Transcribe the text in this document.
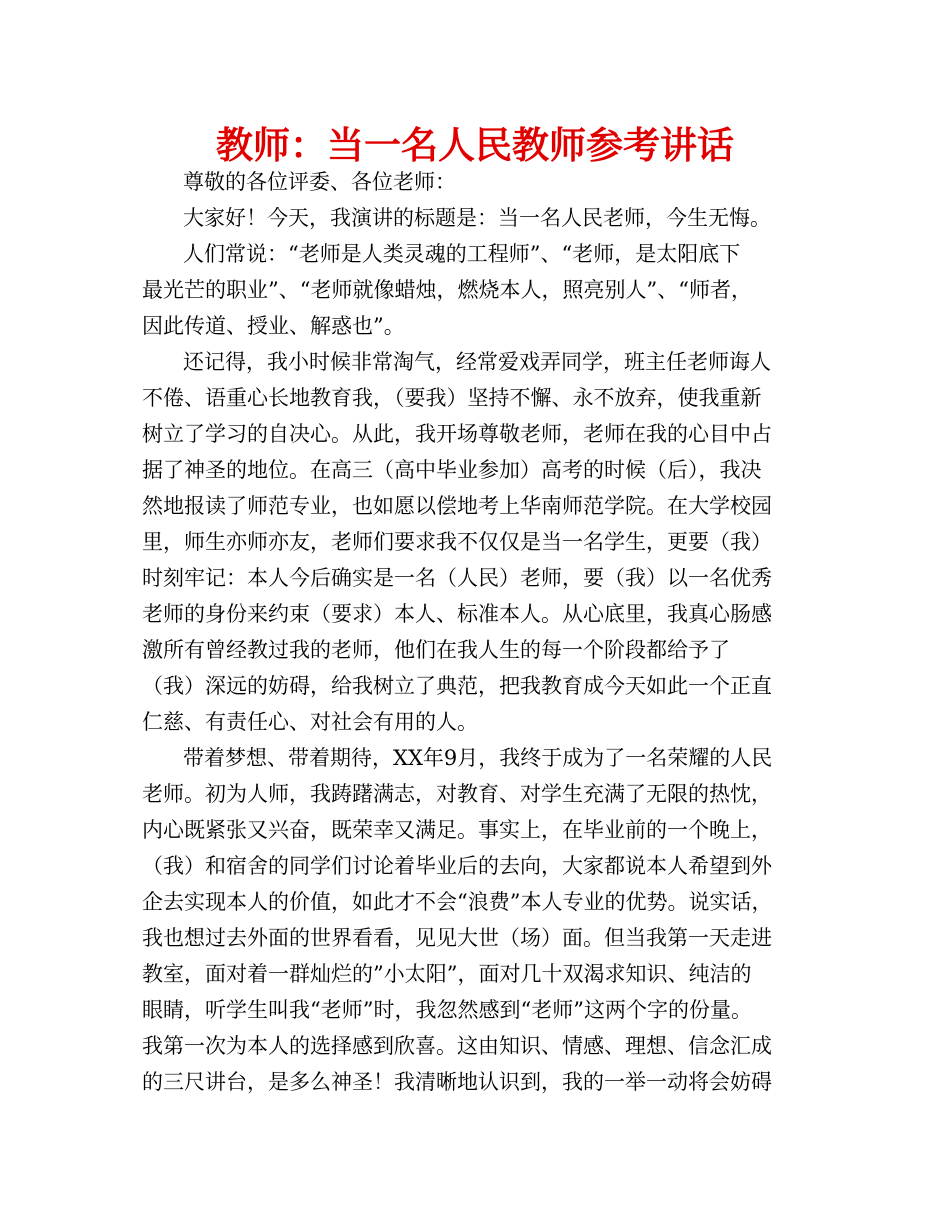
教师：当一名人民教师参考讲话
尊敬的各位评委、各位老师：
大家好！今天，我演讲的标题是：当一名人民老师，今生无悔。
人们常说：“老师是人类灵魂的工程师”、“老师，是太阳底下
最光芒的职业”、“老师就像蜡烛，燃烧本人，照亮别人”、“师者，
因此传道、授业、解惑也”。
还记得，我小时候非常淘气，经常爱戏弄同学，班主任老师诲人
不倦、语重心长地教育我，（要我）坚持不懈、永不放弃，使我重新
树立了学习的自决心。从此，我开场尊敬老师，老师在我的心目中占
据了神圣的地位。在高三（高中毕业参加）高考的时候（后），我决
然地报读了师范专业，也如愿以偿地考上华南师范学院。在大学校园
里，师生亦师亦友，老师们要求我不仅仅是当一名学生，更要（我）
时刻牢记：本人今后确实是一名（人民）老师，要（我）以一名优秀
老师的身份来约束（要求）本人、标准本人。从心底里，我真心肠感
激所有曾经教过我的老师，他们在我人生的每一个阶段都给予了
（我）深远的妨碍，给我树立了典范，把我教育成今天如此一个正直
仁慈、有责任心、对社会有用的人。
带着梦想、带着期待，XX年9月，我终于成为了一名荣耀的人民
老师。初为人师，我踌躇满志，对教育、对学生充满了无限的热忱，
内心既紧张又兴奋，既荣幸又满足。事实上，在毕业前的一个晚上，
（我）和宿舍的同学们讨论着毕业后的去向，大家都说本人希望到外
企去实现本人的价值，如此才不会“浪费”本人专业的优势。说实话，
我也想过去外面的世界看看，见见大世（场）面。但当我第一天走进
教室，面对着一群灿烂的”小太阳”，面对几十双渴求知识、纯洁的
眼睛，听学生叫我“老师”时，我忽然感到“老师”这两个字的份量。
我第一次为本人的选择感到欣喜。这由知识、情感、理想、信念汇成
的三尺讲台，是多么神圣！我清晰地认识到，我的一举一动将会妨碍
